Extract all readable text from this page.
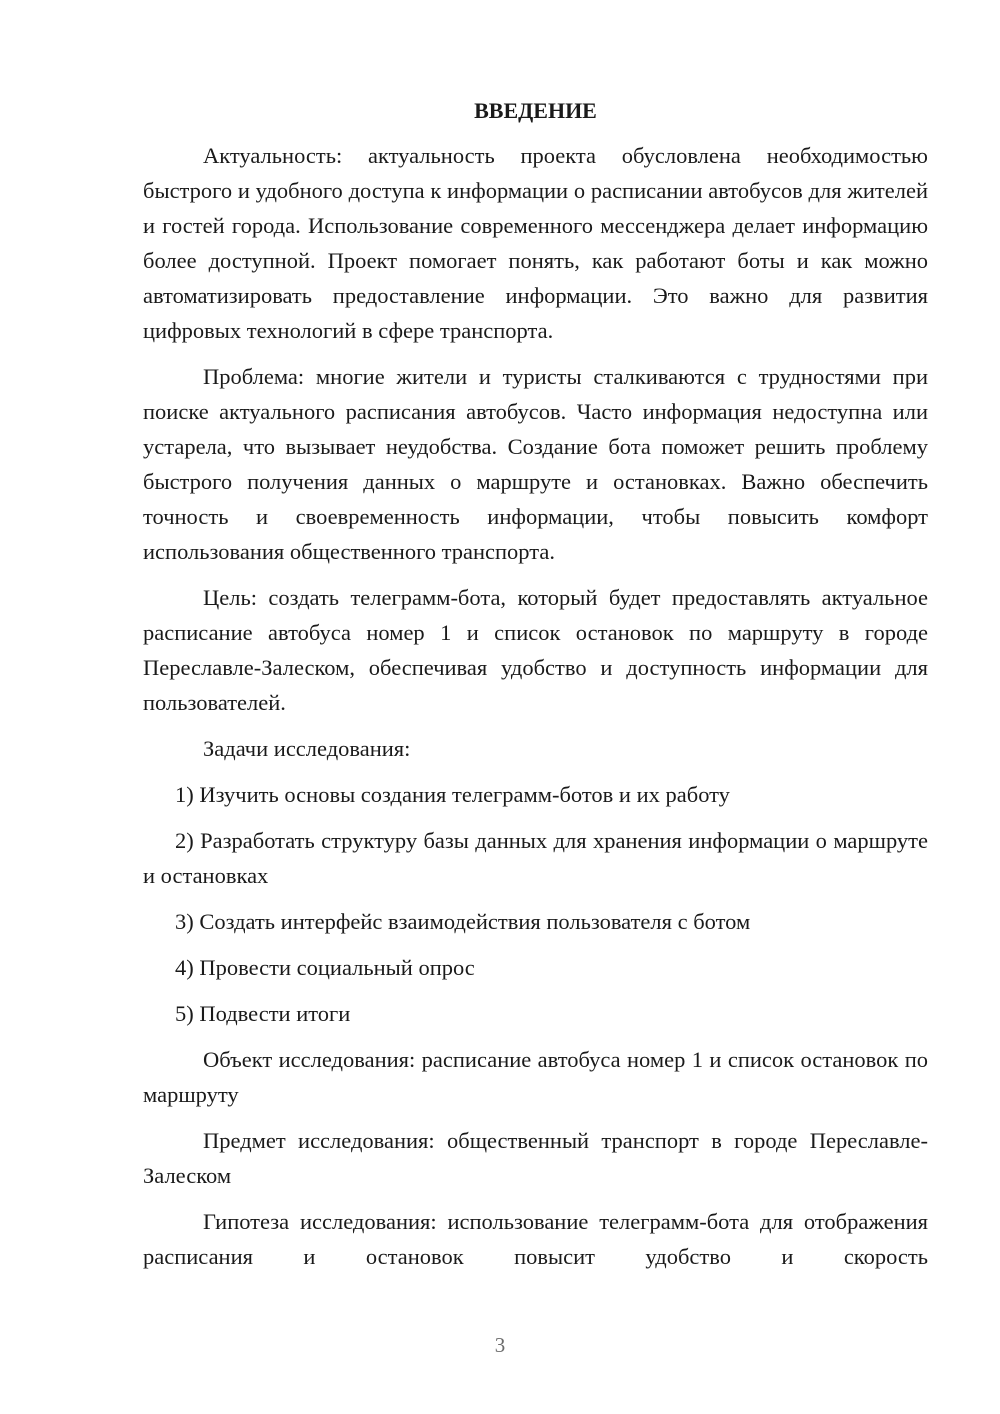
ВВЕДЕНИЕ

Актуальность: актуальность проекта обусловлена необходимостью быстрого и удобного доступа к информации о расписании автобусов для жителей и гостей города. Использование современного мессенджера делает информацию более доступной. Проект помогает понять, как работают боты и как можно автоматизировать предоставление информации. Это важно для развития цифровых технологий в сфере транспорта.

Проблема: многие жители и туристы сталкиваются с трудностями при поиске актуального расписания автобусов. Часто информация недоступна или устарела, что вызывает неудобства. Создание бота поможет решить проблему быстрого получения данных о маршруте и остановках. Важно обеспечить точность и своевременность информации, чтобы повысить комфорт использования общественного транспорта.

Цель: создать телеграмм-бота, который будет предоставлять актуальное расписание автобуса номер 1 и список остановок по маршруту в городе Переславле-Залеском, обеспечивая удобство и доступность информации для пользователей.

Задачи исследования:

1) Изучить основы создания телеграмм-ботов и их работу

2) Разработать структуру базы данных для хранения информации о маршруте и остановках

3) Создать интерфейс взаимодействия пользователя с ботом

4) Провести социальный опрос

5) Подвести итоги

Объект исследования: расписание автобуса номер 1 и список остановок по маршруту

Предмет исследования: общественный транспорт в городе Переславле-Залеском

Гипотеза исследования: использование телеграмм-бота для отображения расписания и остановок повысит удобство и скорость

3
